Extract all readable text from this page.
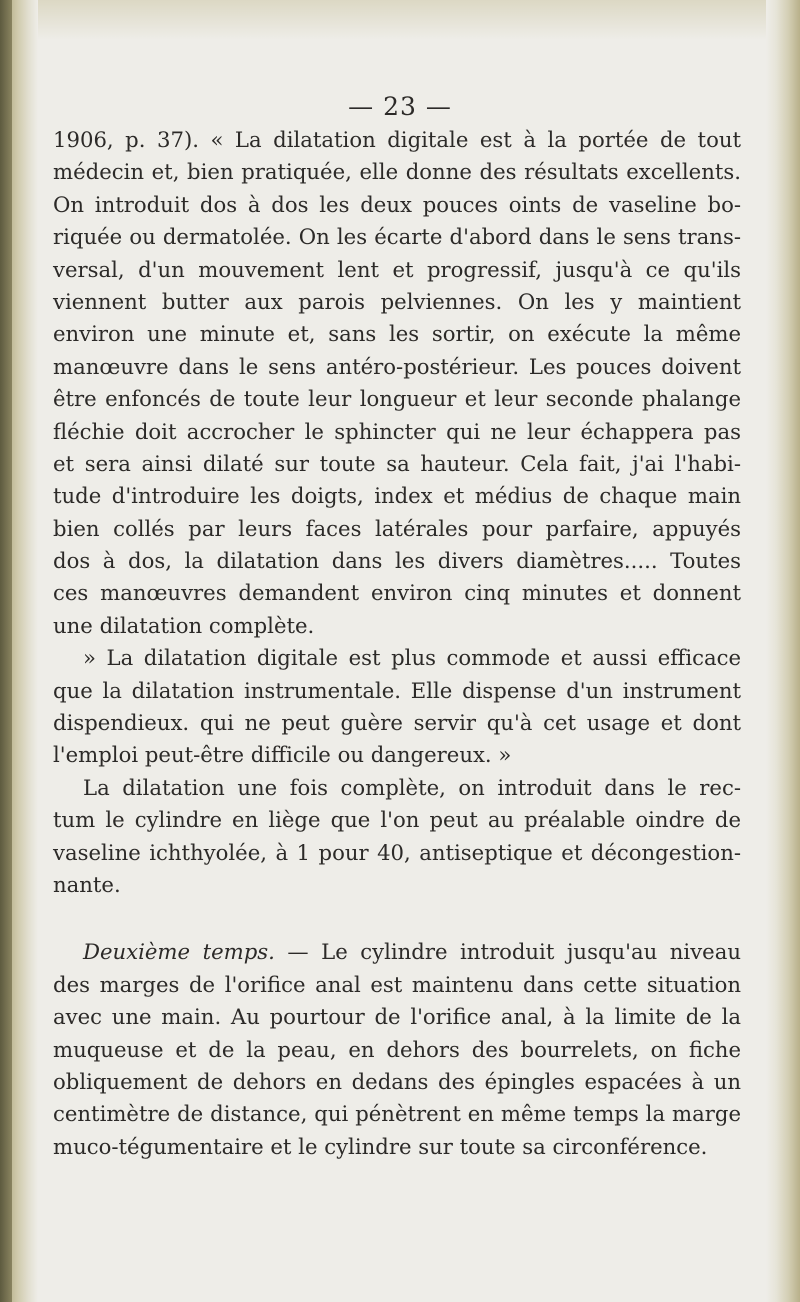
— 23 —
1906, p. 37). « La dilatation digitale est à la portée de tout
médecin et, bien pratiquée, elle donne des résultats excellents.
On introduit dos à dos les deux pouces oints de vaseline bo-
riquée ou dermatolée. On les écarte d'abord dans le sens trans-
versal, d'un mouvement lent et progressif, jusqu'à ce qu'ils
viennent butter aux parois pelviennes. On les y maintient
environ une minute et, sans les sortir, on exécute la même
manœuvre dans le sens antéro-postérieur. Les pouces doivent
être enfoncés de toute leur longueur et leur seconde phalange
fléchie doit accrocher le sphincter qui ne leur échappera pas
et sera ainsi dilaté sur toute sa hauteur. Cela fait, j'ai l'habi-
tude d'introduire les doigts, index et médius de chaque main
bien collés par leurs faces latérales pour parfaire, appuyés
dos à dos, la dilatation dans les divers diamètres..... Toutes
ces manœuvres demandent environ cinq minutes et donnent
une dilatation complète.
» La dilatation digitale est plus commode et aussi efficace
que la dilatation instrumentale. Elle dispense d'un instrument
dispendieux. qui ne peut guère servir qu'à cet usage et dont
l'emploi peut-être difficile ou dangereux. »
La dilatation une fois complète, on introduit dans le rec-
tum le cylindre en liège que l'on peut au préalable oindre de
vaseline ichthyolée, à 1 pour 40, antiseptique et décongestion-
nante.
Deuxième temps. — Le cylindre introduit jusqu'au niveau
des marges de l'orifice anal est maintenu dans cette situation
avec une main. Au pourtour de l'orifice anal, à la limite de la
muqueuse et de la peau, en dehors des bourrelets, on fiche
obliquement de dehors en dedans des épingles espacées à un
centimètre de distance, qui pénètrent en même temps la marge
muco-tégumentaire et le cylindre sur toute sa circonférence.
